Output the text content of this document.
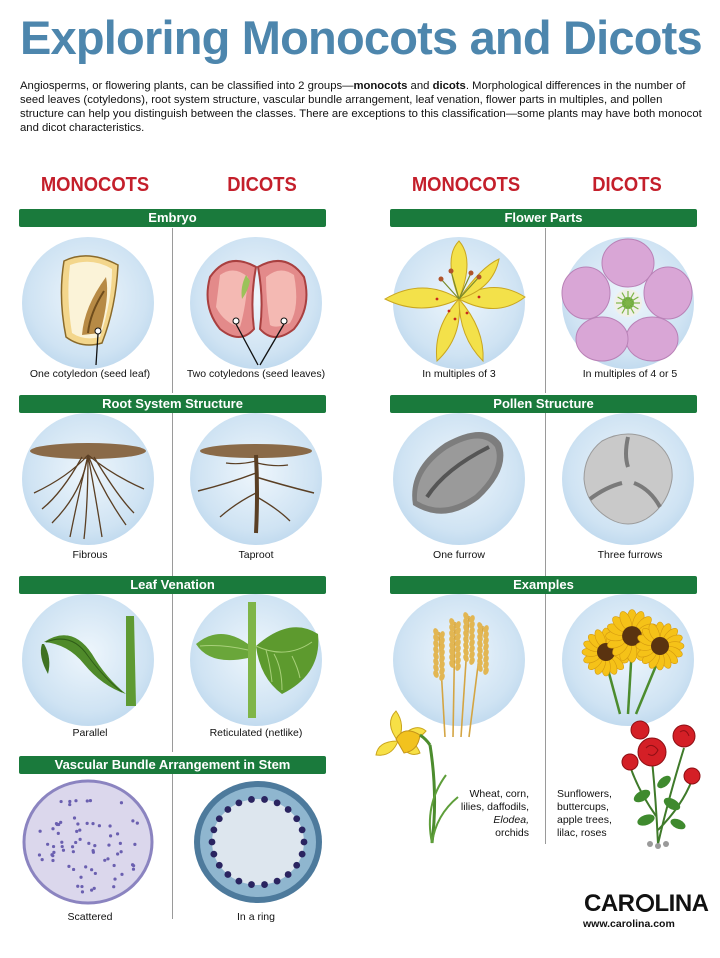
Exploring Monocots and Dicots
Angiosperms, or flowering plants, can be classified into 2 groups—monocots and dicots. Morphological differences in the number of seed leaves (cotyledons), root system structure, vascular bundle arrangement, leaf venation, flower parts in multiples, and pollen structure can help you distinguish between the classes. There are exceptions to this classification—some plants may have both monocot and dicot characteristics.
MONOCOTS	DICOTS	MONOCOTS	DICOTS
Embryo
Root System Structure
Leaf Venation
Vascular Bundle Arrangement in Stem
Flower Parts
Pollen Structure
Examples
One cotyledon (seed leaf)	Two cotyledons (seed leaves)
Fibrous	Taproot
Parallel	Reticulated (netlike)
Scattered	In a ring
In multiples of 3	In multiples of 4 or 5
One furrow	Three furrows
Wheat, corn,
lilies, daffodils,
Elodea,
orchids
Sunflowers,
buttercups,
apple trees,
lilac, roses
CAR LINA
www.carolina.com
